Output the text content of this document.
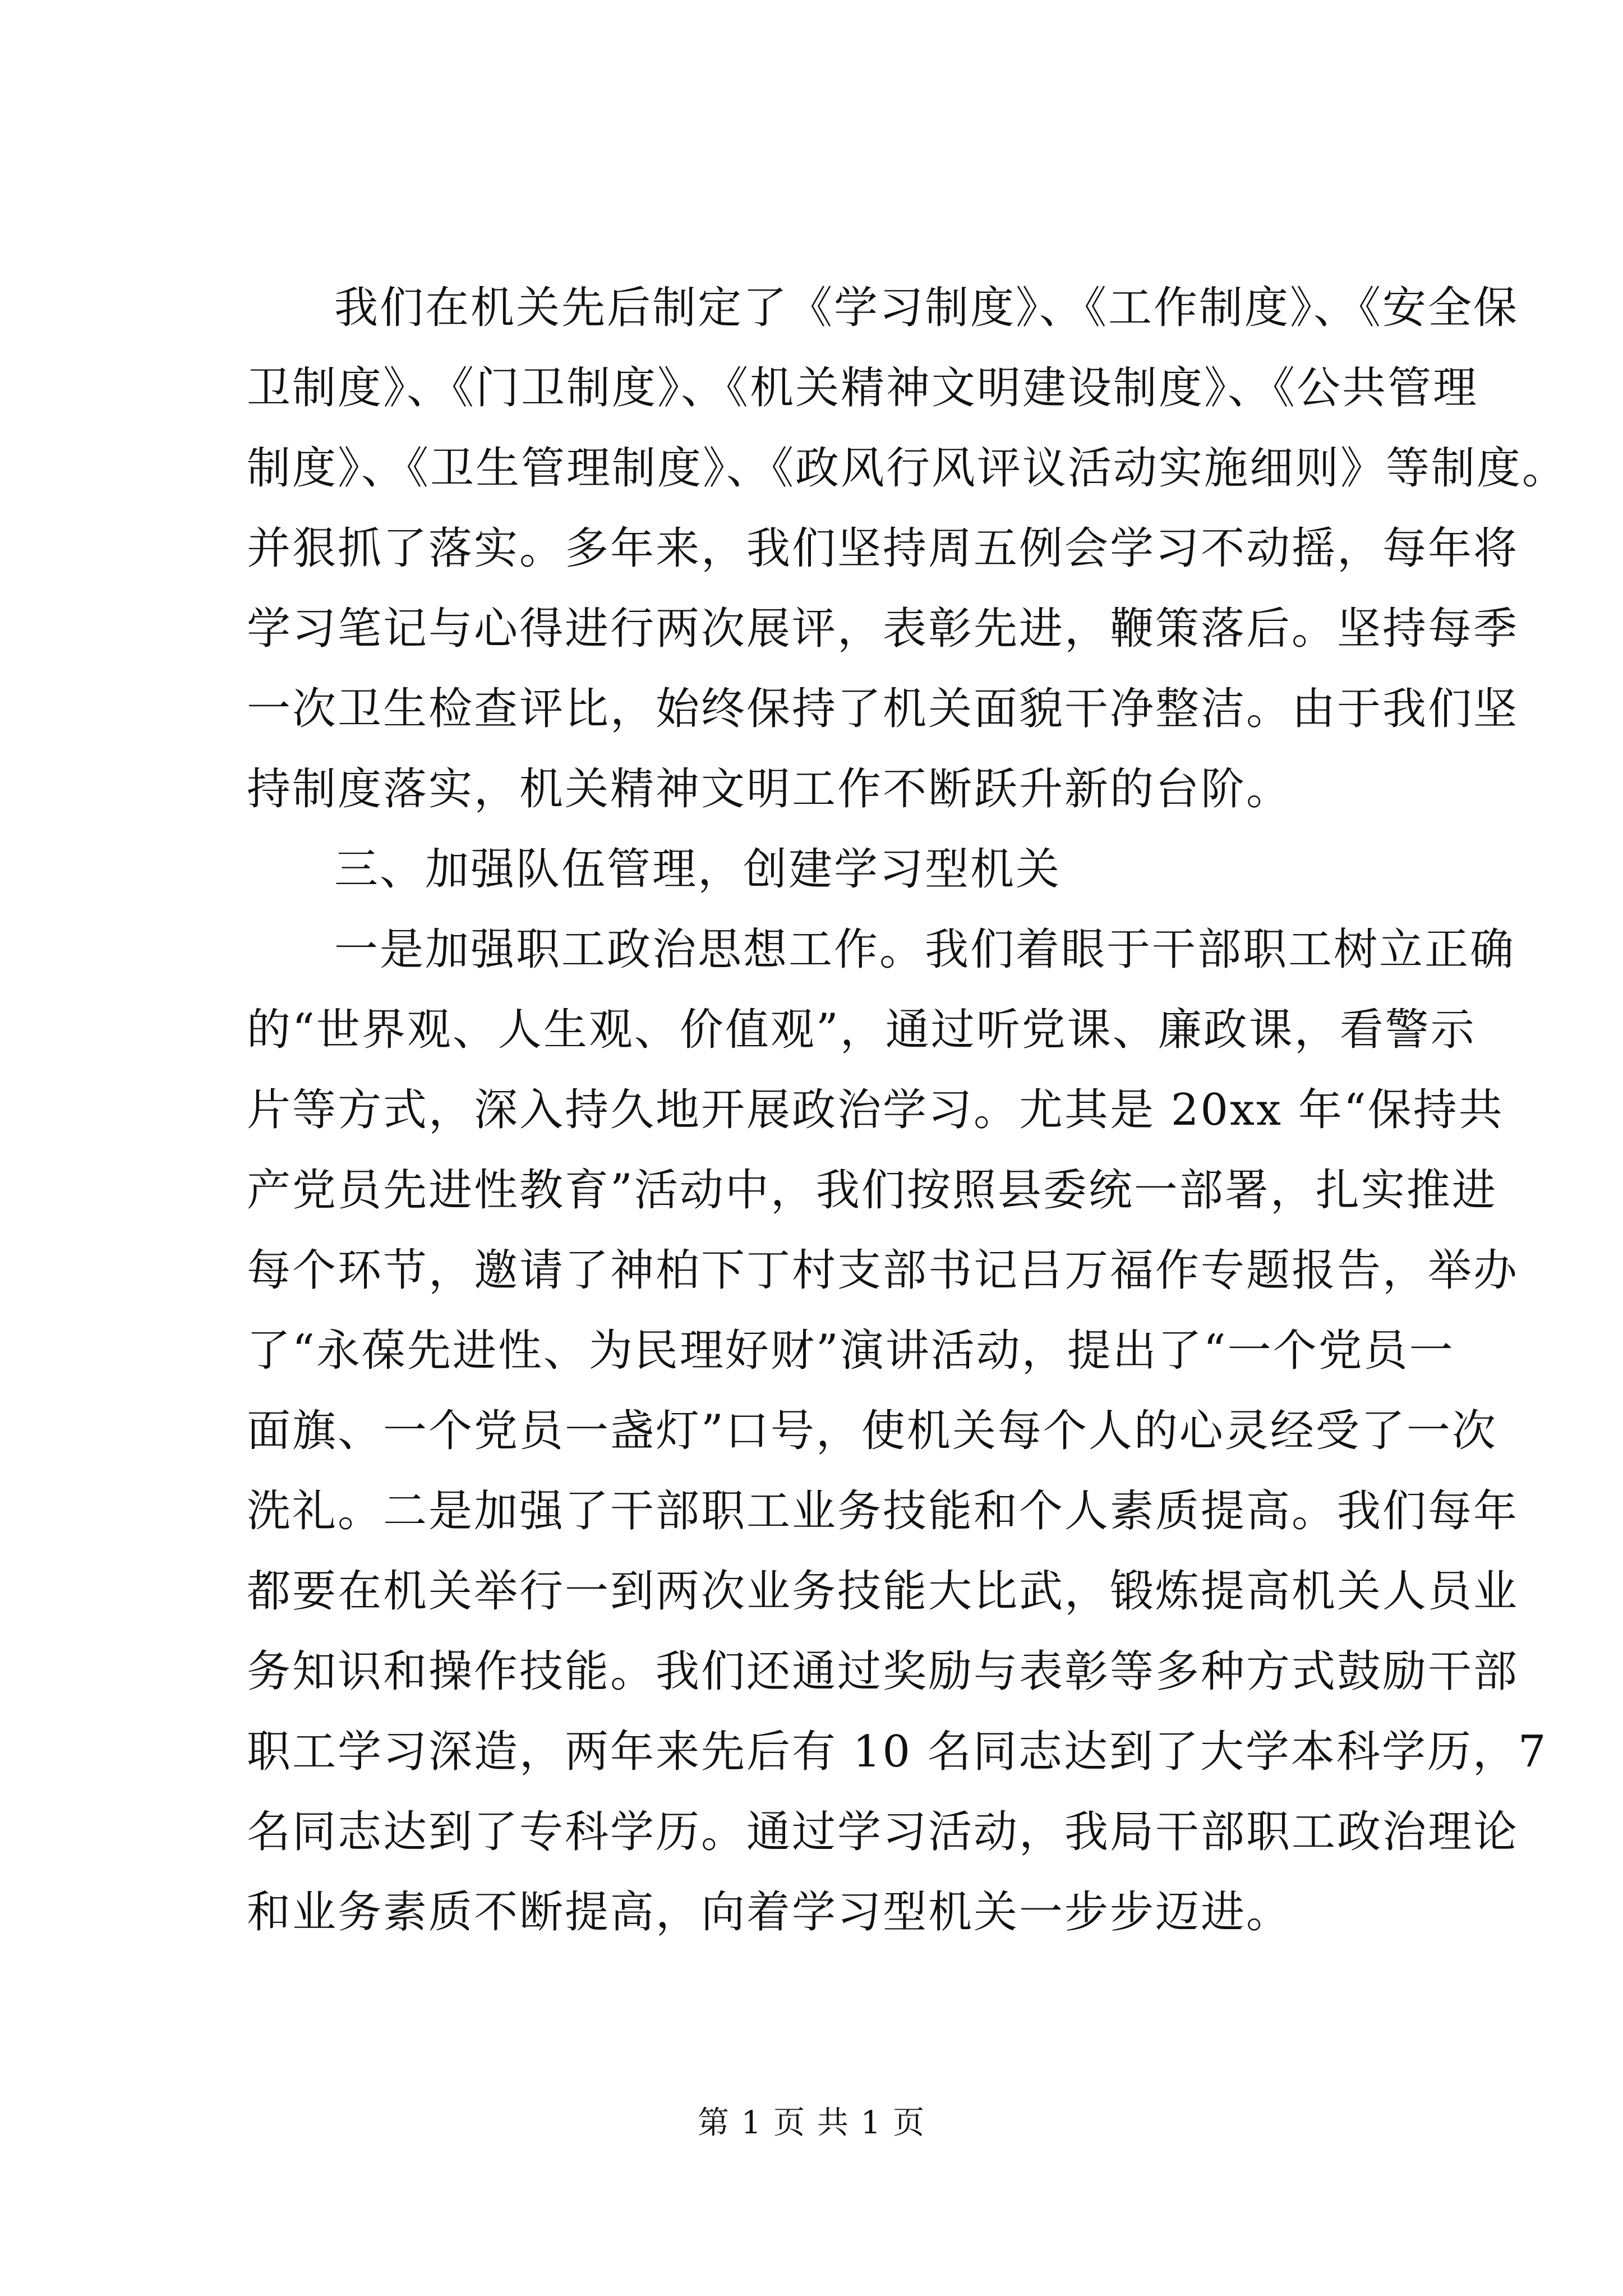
我们在机关先后制定了《学习制度》、《工作制度》、《安全保
卫制度》、《门卫制度》、《机关精神文明建设制度》、《公共管理
制度》、《卫生管理制度》、《政风行风评议活动实施细则》等制度。
并狠抓了落实。多年来，我们坚持周五例会学习不动摇，每年将
学习笔记与心得进行两次展评，表彰先进，鞭策落后。坚持每季
一次卫生检查评比，始终保持了机关面貌干净整洁。由于我们坚
持制度落实，机关精神文明工作不断跃升新的台阶。
三、加强队伍管理，创建学习型机关
一是加强职工政治思想工作。我们着眼于干部职工树立正确
的“世界观、人生观、价值观”，通过听党课、廉政课，看警示
片等方式，深入持久地开展政治学习。尤其是 20xx 年“保持共
产党员先进性教育”活动中，我们按照县委统一部署，扎实推进
每个环节，邀请了神柏下丁村支部书记吕万福作专题报告，举办
了“永葆先进性、为民理好财”演讲活动，提出了“一个党员一
面旗、一个党员一盏灯”口号，使机关每个人的心灵经受了一次
洗礼。二是加强了干部职工业务技能和个人素质提高。我们每年
都要在机关举行一到两次业务技能大比武，锻炼提高机关人员业
务知识和操作技能。我们还通过奖励与表彰等多种方式鼓励干部
职工学习深造，两年来先后有 10 名同志达到了大学本科学历，7
名同志达到了专科学历。通过学习活动，我局干部职工政治理论
和业务素质不断提高，向着学习型机关一步步迈进。
第 1 页 共 1 页
